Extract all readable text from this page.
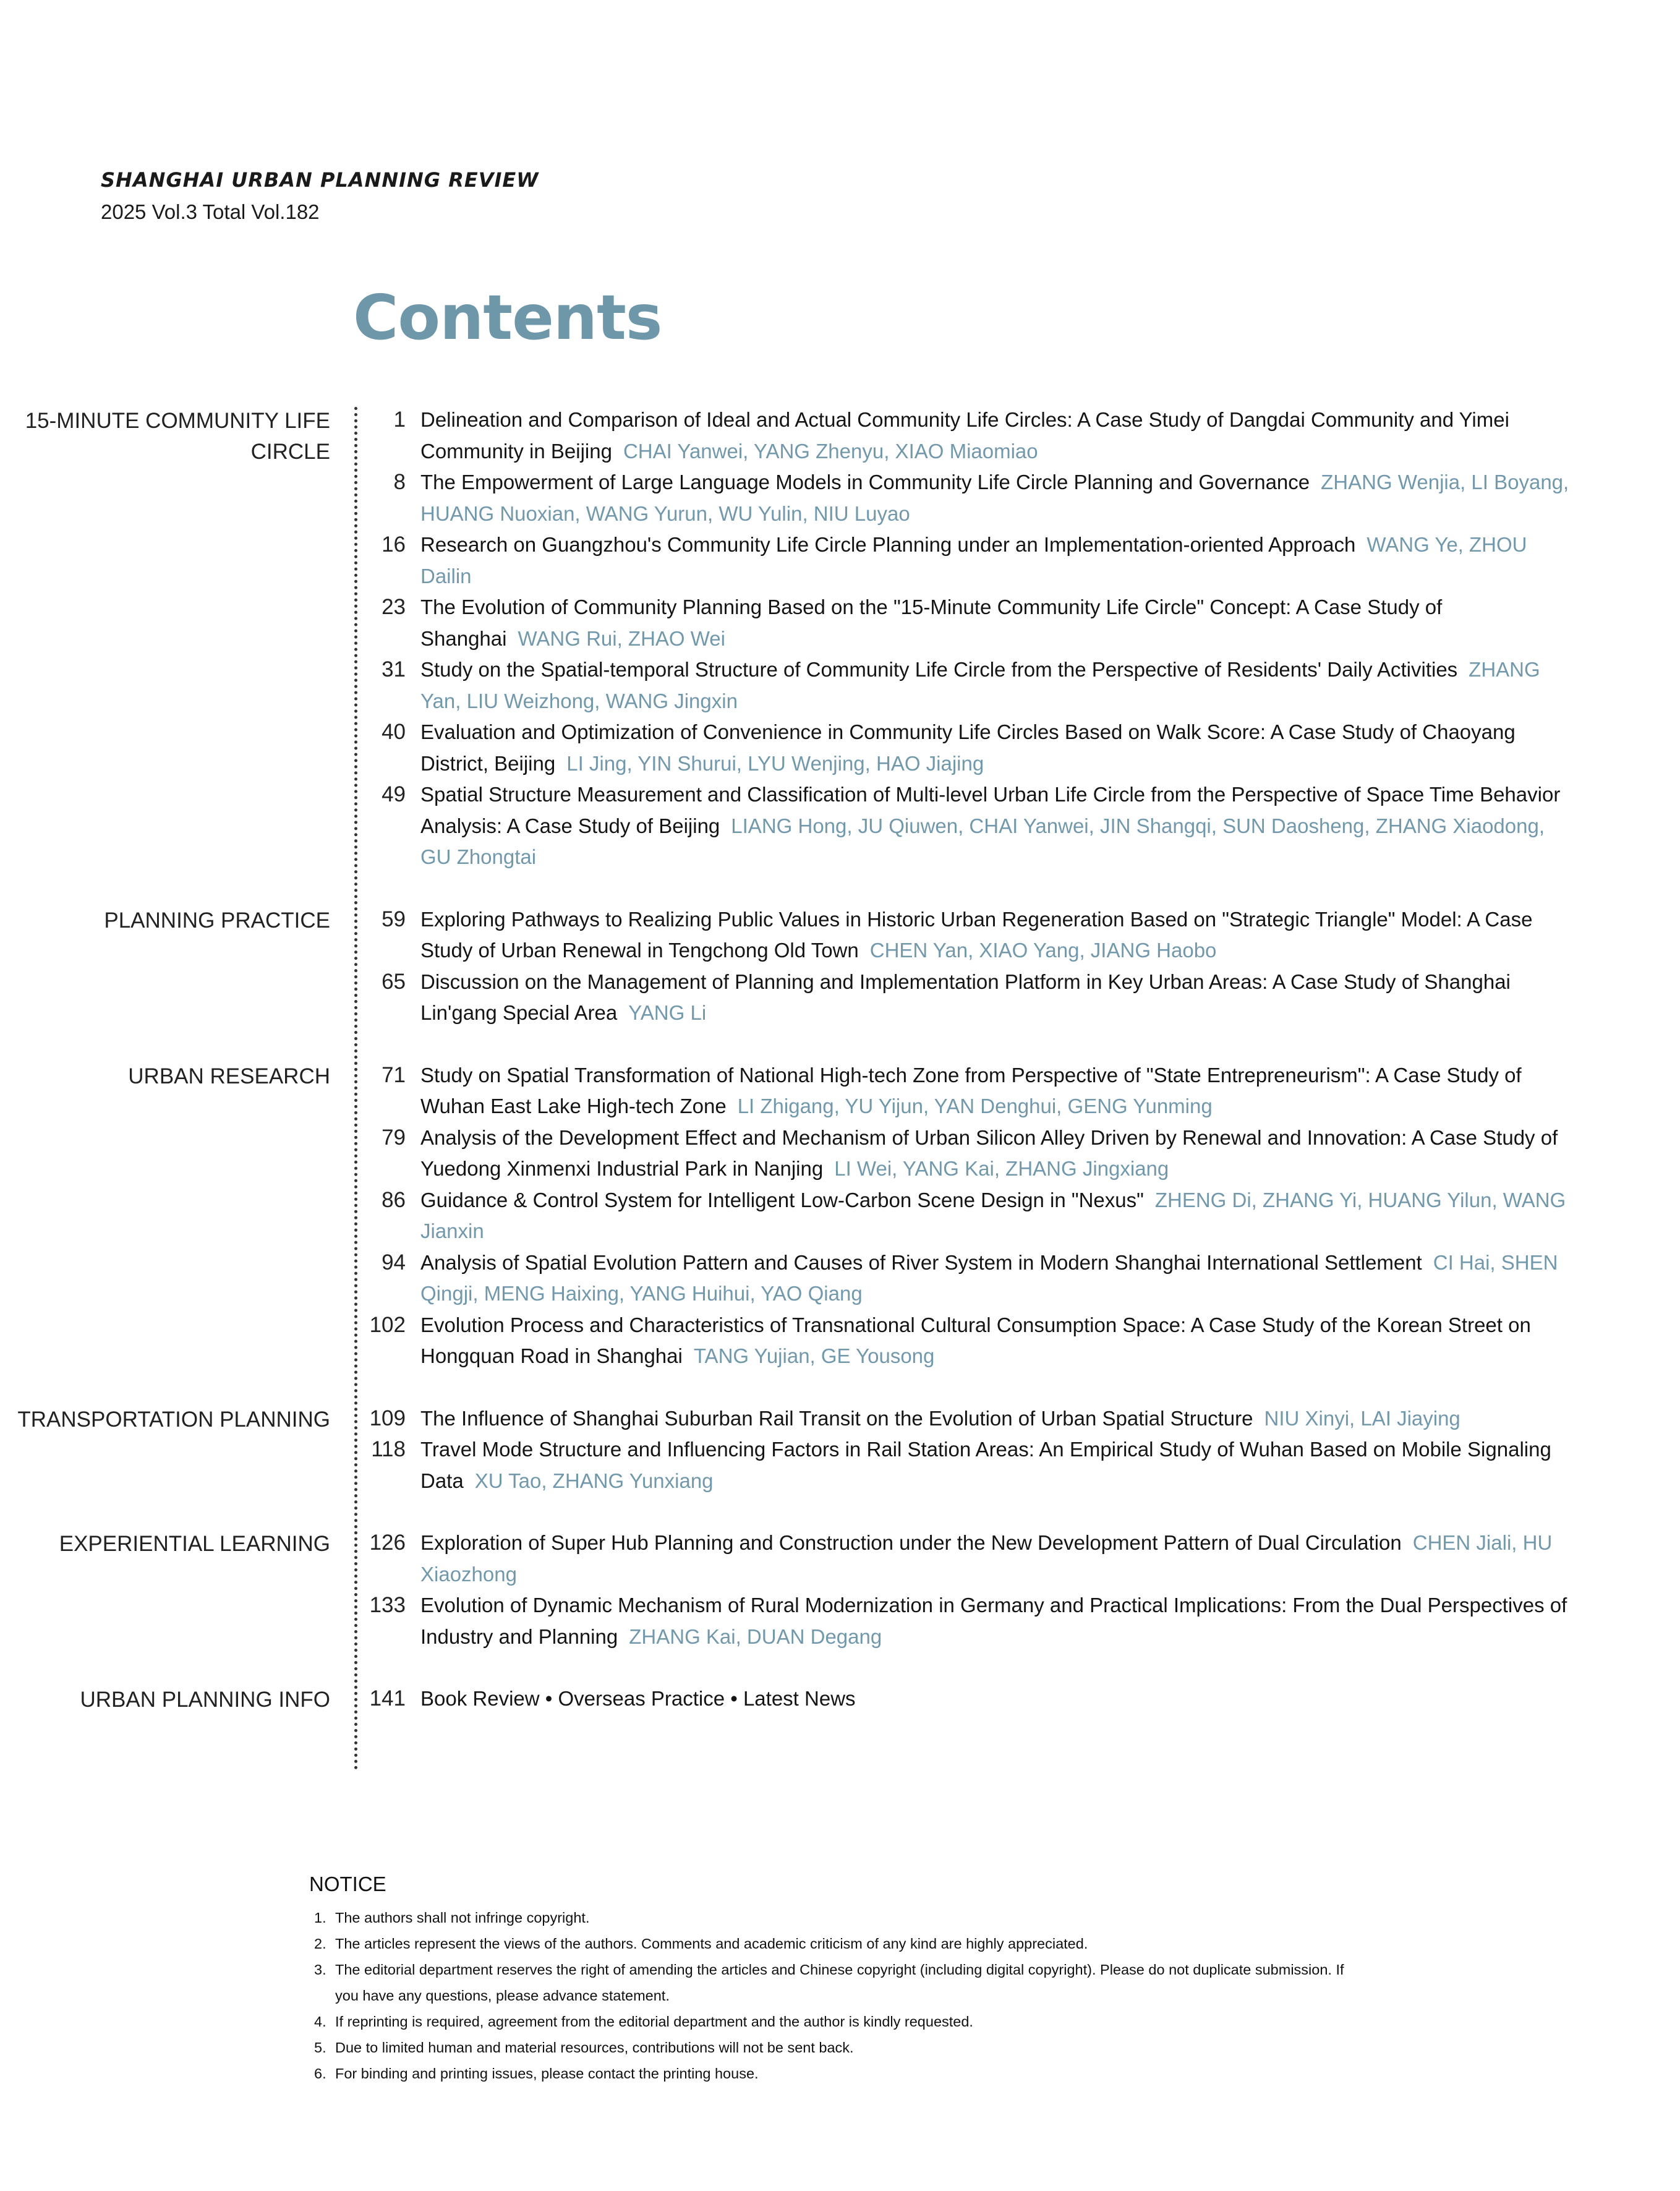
SHANGHAI URBAN PLANNING REVIEW
2025 Vol.3 Total Vol.182
Contents
15-MINUTE COMMUNITY LIFE CIRCLE
1 Delineation and Comparison of Ideal and Actual Community Life Circles: A Case Study of Dangdai Community and Yimei Community in Beijing CHAI Yanwei, YANG Zhenyu, XIAO Miaomiao
8 The Empowerment of Large Language Models in Community Life Circle Planning and Governance ZHANG Wenjia, LI Boyang, HUANG Nuoxian, WANG Yurun, WU Yulin, NIU Luyao
16 Research on Guangzhou's Community Life Circle Planning under an Implementation-oriented Approach WANG Ye, ZHOU Dailin
23 The Evolution of Community Planning Based on the "15-Minute Community Life Circle" Concept: A Case Study of Shanghai WANG Rui, ZHAO Wei
31 Study on the Spatial-temporal Structure of Community Life Circle from the Perspective of Residents' Daily Activities ZHANG Yan, LIU Weizhong, WANG Jingxin
40 Evaluation and Optimization of Convenience in Community Life Circles Based on Walk Score: A Case Study of Chaoyang District, Beijing LI Jing, YIN Shurui, LYU Wenjing, HAO Jiajing
49 Spatial Structure Measurement and Classification of Multi-level Urban Life Circle from the Perspective of Space Time Behavior Analysis: A Case Study of Beijing LIANG Hong, JU Qiuwen, CHAI Yanwei, JIN Shangqi, SUN Daosheng, ZHANG Xiaodong, GU Zhongtai
PLANNING PRACTICE	59 Exploring Pathways to Realizing Public Values in Historic Urban Regeneration Based on "Strategic Triangle" Model: A Case Study of Urban Renewal in Tengchong Old Town CHEN Yan, XIAO Yang, JIANG Haobo
65 Discussion on the Management of Planning and Implementation Platform in Key Urban Areas: A Case Study of Shanghai Lin'gang Special Area YANG Li
URBAN RESEARCH	71 Study on Spatial Transformation of National High-tech Zone from Perspective of "State Entrepreneurism": A Case Study of Wuhan East Lake High-tech Zone LI Zhigang, YU Yijun, YAN Denghui, GENG Yunming
79 Analysis of the Development Effect and Mechanism of Urban Silicon Alley Driven by Renewal and Innovation: A Case Study of Yuedong Xinmenxi Industrial Park in Nanjing LI Wei, YANG Kai, ZHANG Jingxiang
86 Guidance & Control System for Intelligent Low-Carbon Scene Design in "Nexus" ZHENG Di, ZHANG Yi, HUANG Yilun, WANG Jianxin
94 Analysis of Spatial Evolution Pattern and Causes of River System in Modern Shanghai International Settlement CI Hai, SHEN Qingji, MENG Haixing, YANG Huihui, YAO Qiang
102 Evolution Process and Characteristics of Transnational Cultural Consumption Space: A Case Study of the Korean Street on Hongquan Road in Shanghai TANG Yujian, GE Yousong
TRANSPORTATION PLANNING	109 The Influence of Shanghai Suburban Rail Transit on the Evolution of Urban Spatial Structure NIU Xinyi, LAI Jiaying
118 Travel Mode Structure and Influencing Factors in Rail Station Areas: An Empirical Study of Wuhan Based on Mobile Signaling Data XU Tao, ZHANG Yunxiang
EXPERIENTIAL LEARNING	126 Exploration of Super Hub Planning and Construction under the New Development Pattern of Dual Circulation CHEN Jiali, HU Xiaozhong
133 Evolution of Dynamic Mechanism of Rural Modernization in Germany and Practical Implications: From the Dual Perspectives of Industry and Planning ZHANG Kai, DUAN Degang
URBAN PLANNING INFO	141 Book Review • Overseas Practice • Latest News
NOTICE
1. The authors shall not infringe copyright.
2. The articles represent the views of the authors. Comments and academic criticism of any kind are highly appreciated.
3. The editorial department reserves the right of amending the articles and Chinese copyright (including digital copyright). Please do not duplicate submission. If you have any questions, please advance statement.
4. If reprinting is required, agreement from the editorial department and the author is kindly requested.
5. Due to limited human and material resources, contributions will not be sent back.
6. For binding and printing issues, please contact the printing house.
